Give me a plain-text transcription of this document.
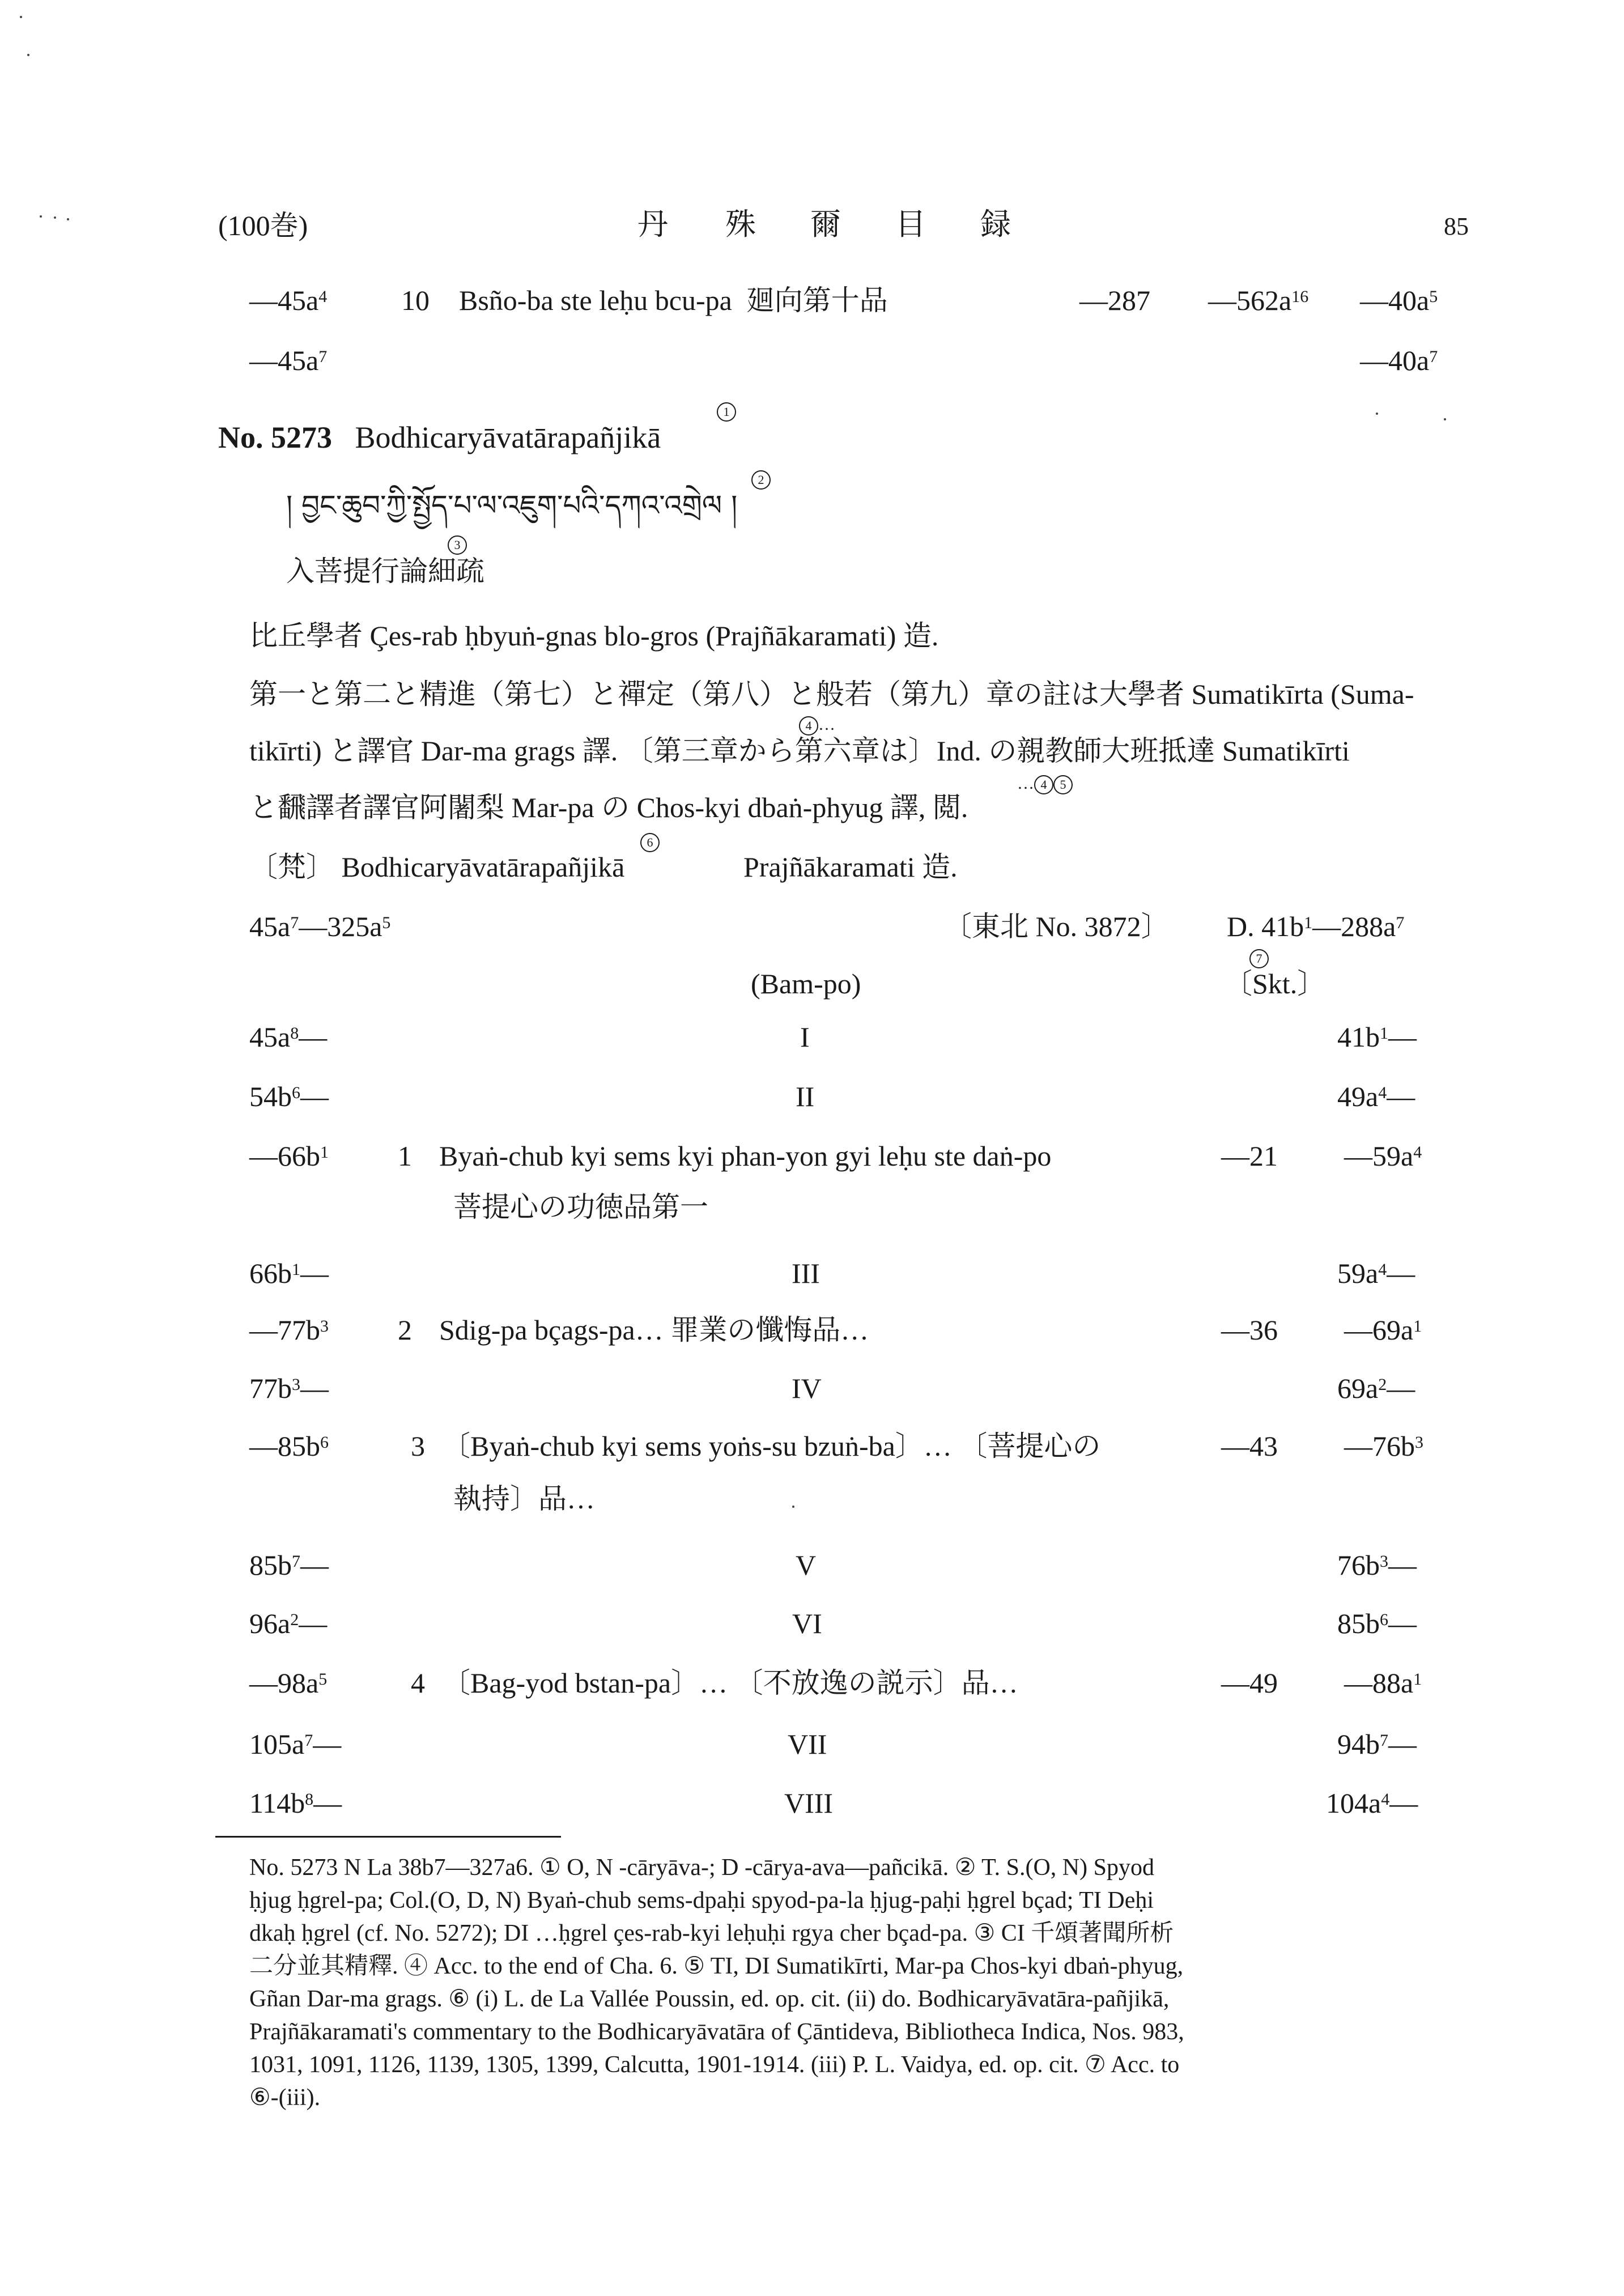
(100巻)	丹 殊 爾 目 録	85
$—45a^4$	10 Bsño-ba ste leḥu bcu-pa 廻向第十品	—287 $—562a^{16}$ $—40a^5$
$—45a^7$	$—40a^7$
1
No. 5273 Bodhicaryāvatārapañjikā
2
། བྱང་ཆུབ་ཀྱི་སྤྱོད་པ་ལ་འཇུག་པའི་དཀའ་འགྲེལ །
3
入菩提行論細疏
比丘學者 Çes-rab ḥbyuṅ-gnas blo-gros (Prajñākaramati) 造.
第一と第二と精進（第七）と禪定（第八）と般若（第九）章の註は大學者 Sumatikīrta (Suma-
4 …
tikīrti) と譯官 Dar-ma grags 譯. 〔第三章から第六章は〕Ind. の親教師大班抵達 Sumatikīrti
… 4 5
と飜譯者譯官阿闍梨 Mar-pa の Chos-kyi dbaṅ-phyug 譯, 閲.
6
〔梵〕 Bodhicaryāvatārapañjikā	Prajñākaramati 造.
$45a^7—325a^5$	〔東北 No. 3872〕 D. $41b^1—288a^7$
7
(Bam-po)	〔Skt.〕
$45a^8—$	I	$41b^1—$
$54b^6—$	II	$49a^4—$
$—66b^1$ 1 Byaṅ-chub kyi sems kyi phan-yon gyi leḥu ste daṅ-po	—21 $—59a^4$
菩提心の功徳品第一
$66b^1—$	III	$59a^4—$
$—77b^3$ 2 Sdig-pa bçags-pa… 罪業の懺悔品…	—36 $—69a^1$
$77b^3—$	IV	$69a^2—$
$—85b^6$	3 〔Byaṅ-chub kyi sems yoṅs-su bzuṅ-ba〕… 〔菩提心の	—43 $—76b^3$
執持〕品…
$85b^7—$	V	$76b^3—$
$96a^2—$	VI	$85b^6—$
$—98a^5$	4 〔Bag-yod bstan-pa〕… 〔不放逸の説示〕品…	—49 $—88a^1$
$105a^7—$	VII	$94b^7—$
$114b^8—$	VIII	$104a^4—$
No. 5273 N La 38b7—327a6. ① O, N -cāryāva-; D -cārya-ava—pañcikā. ② T. S.(O, N) Spyod
ḥjug ḥgrel-pa; Col.(O, D, N) Byaṅ-chub sems-dpaḥi spyod-pa-la ḥjug-paḥi ḥgrel bçad; TI Deḥi
dkaḥ ḥgrel (cf. No. 5272); DI …ḥgrel çes-rab-kyi leḥuḥi rgya cher bçad-pa. ③ CI 千頌著聞所析
二分並其精釋. ④ Acc. to the end of Cha. 6. ⑤ TI, DI Sumatikīrti, Mar-pa Chos-kyi dbaṅ-phyug,
Gñan Dar-ma grags. ⑥ (i) L. de La Vallée Poussin, ed. op. cit. (ii) do. Bodhicaryāvatāra-pañjikā,
Prajñākaramati's commentary to the Bodhicaryāvatāra of Çāntideva, Bibliotheca Indica, Nos. 983,
1031, 1091, 1126, 1139, 1305, 1399, Calcutta, 1901-1914. (iii) P. L. Vaidya, ed. op. cit. ⑦ Acc. to
⑥-(iii).
